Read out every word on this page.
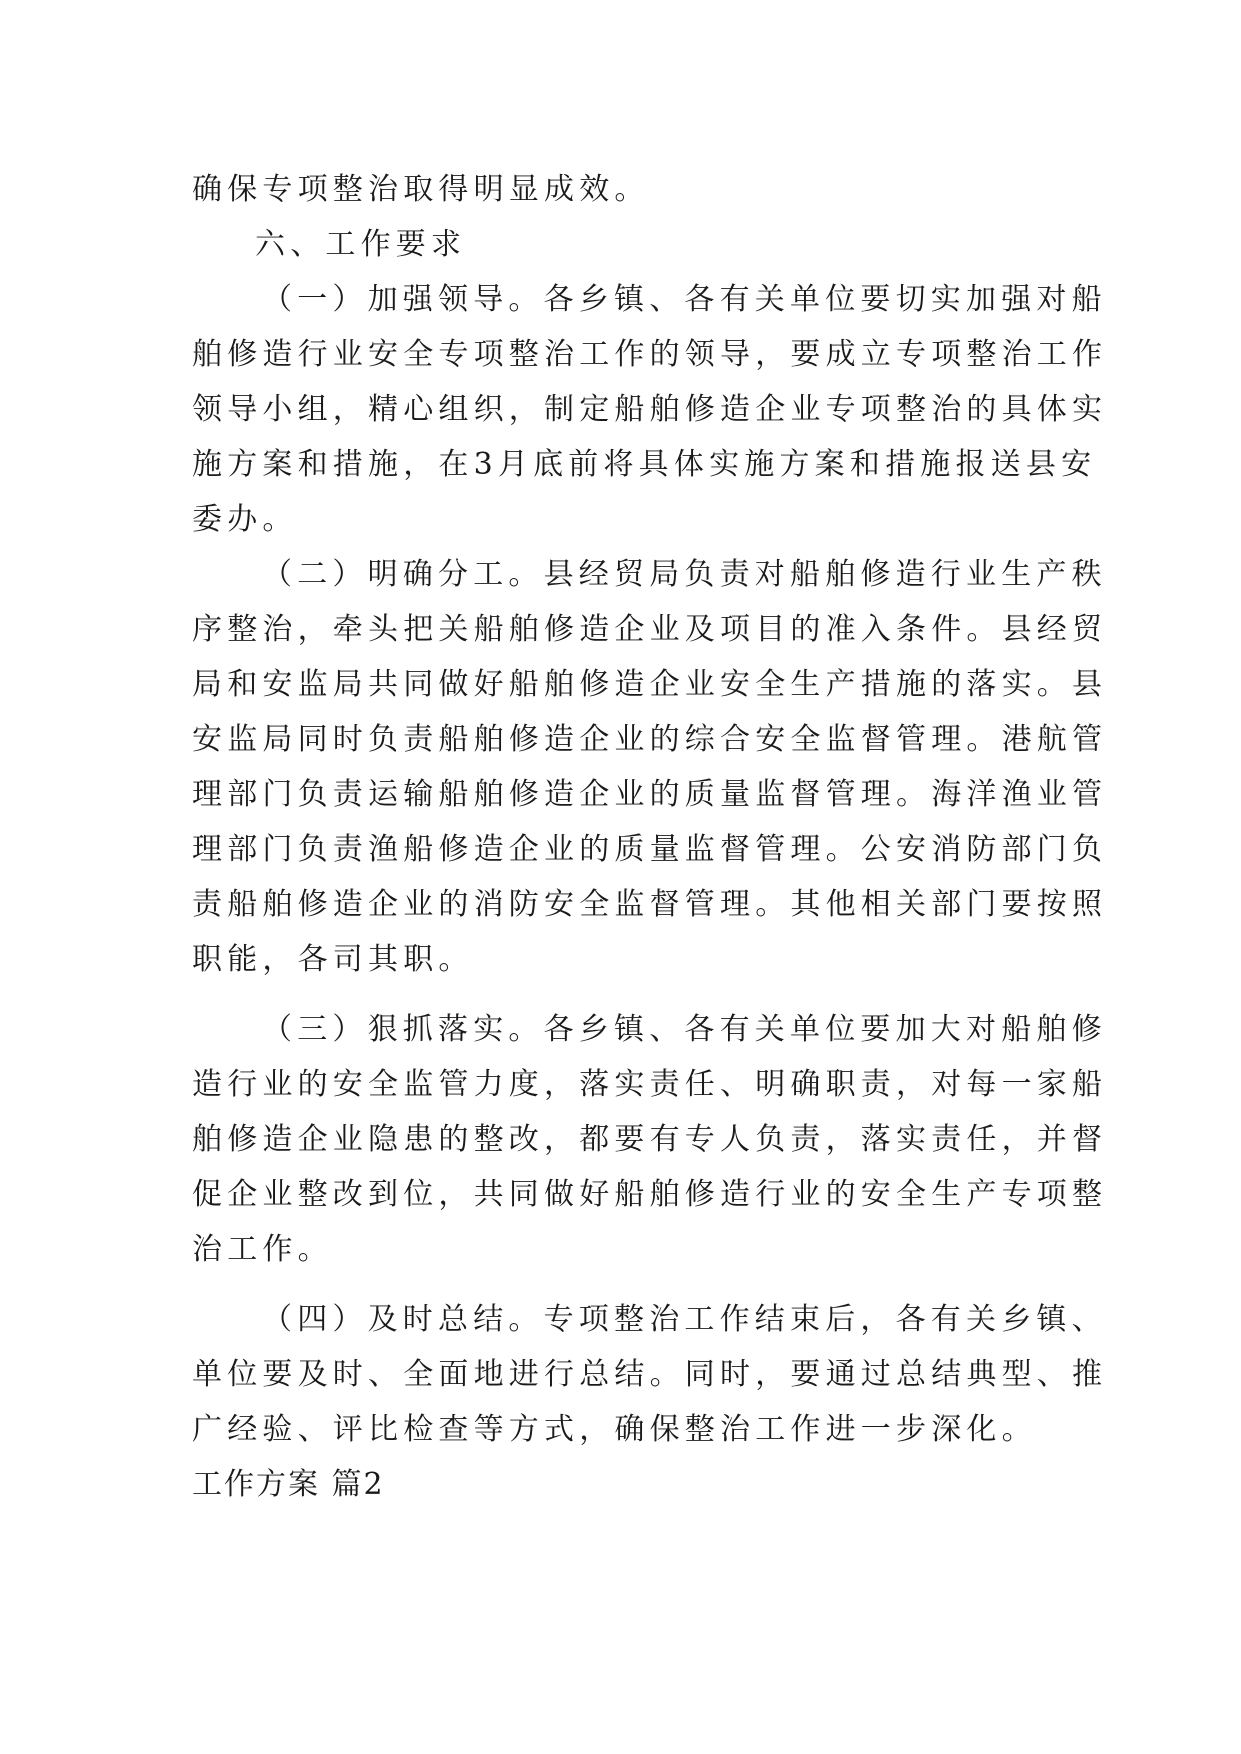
确保专项整治取得明显成效。

六、工作要求

（一）加强领导。各乡镇、各有关单位要切实加强对船

舶修造行业安全专项整治工作的领导，要成立专项整治工作

领导小组，精心组织，制定船舶修造企业专项整治的具体实

施方案和措施，在3月底前将具体实施方案和措施报送县安

委办。

（二）明确分工。县经贸局负责对船舶修造行业生产秩

序整治，牵头把关船舶修造企业及项目的准入条件。县经贸

局和安监局共同做好船舶修造企业安全生产措施的落实。县

安监局同时负责船舶修造企业的综合安全监督管理。港航管

理部门负责运输船舶修造企业的质量监督管理。海洋渔业管

理部门负责渔船修造企业的质量监督管理。公安消防部门负

责船舶修造企业的消防安全监督管理。其他相关部门要按照

职能，各司其职。

（三）狠抓落实。各乡镇、各有关单位要加大对船舶修

造行业的安全监管力度，落实责任、明确职责，对每一家船

舶修造企业隐患的整改，都要有专人负责，落实责任，并督

促企业整改到位，共同做好船舶修造行业的安全生产专项整

治工作。

（四）及时总结。专项整治工作结束后，各有关乡镇、

单位要及时、全面地进行总结。同时，要通过总结典型、推

广经验、评比检查等方式，确保整治工作进一步深化。

工作方案 篇2
